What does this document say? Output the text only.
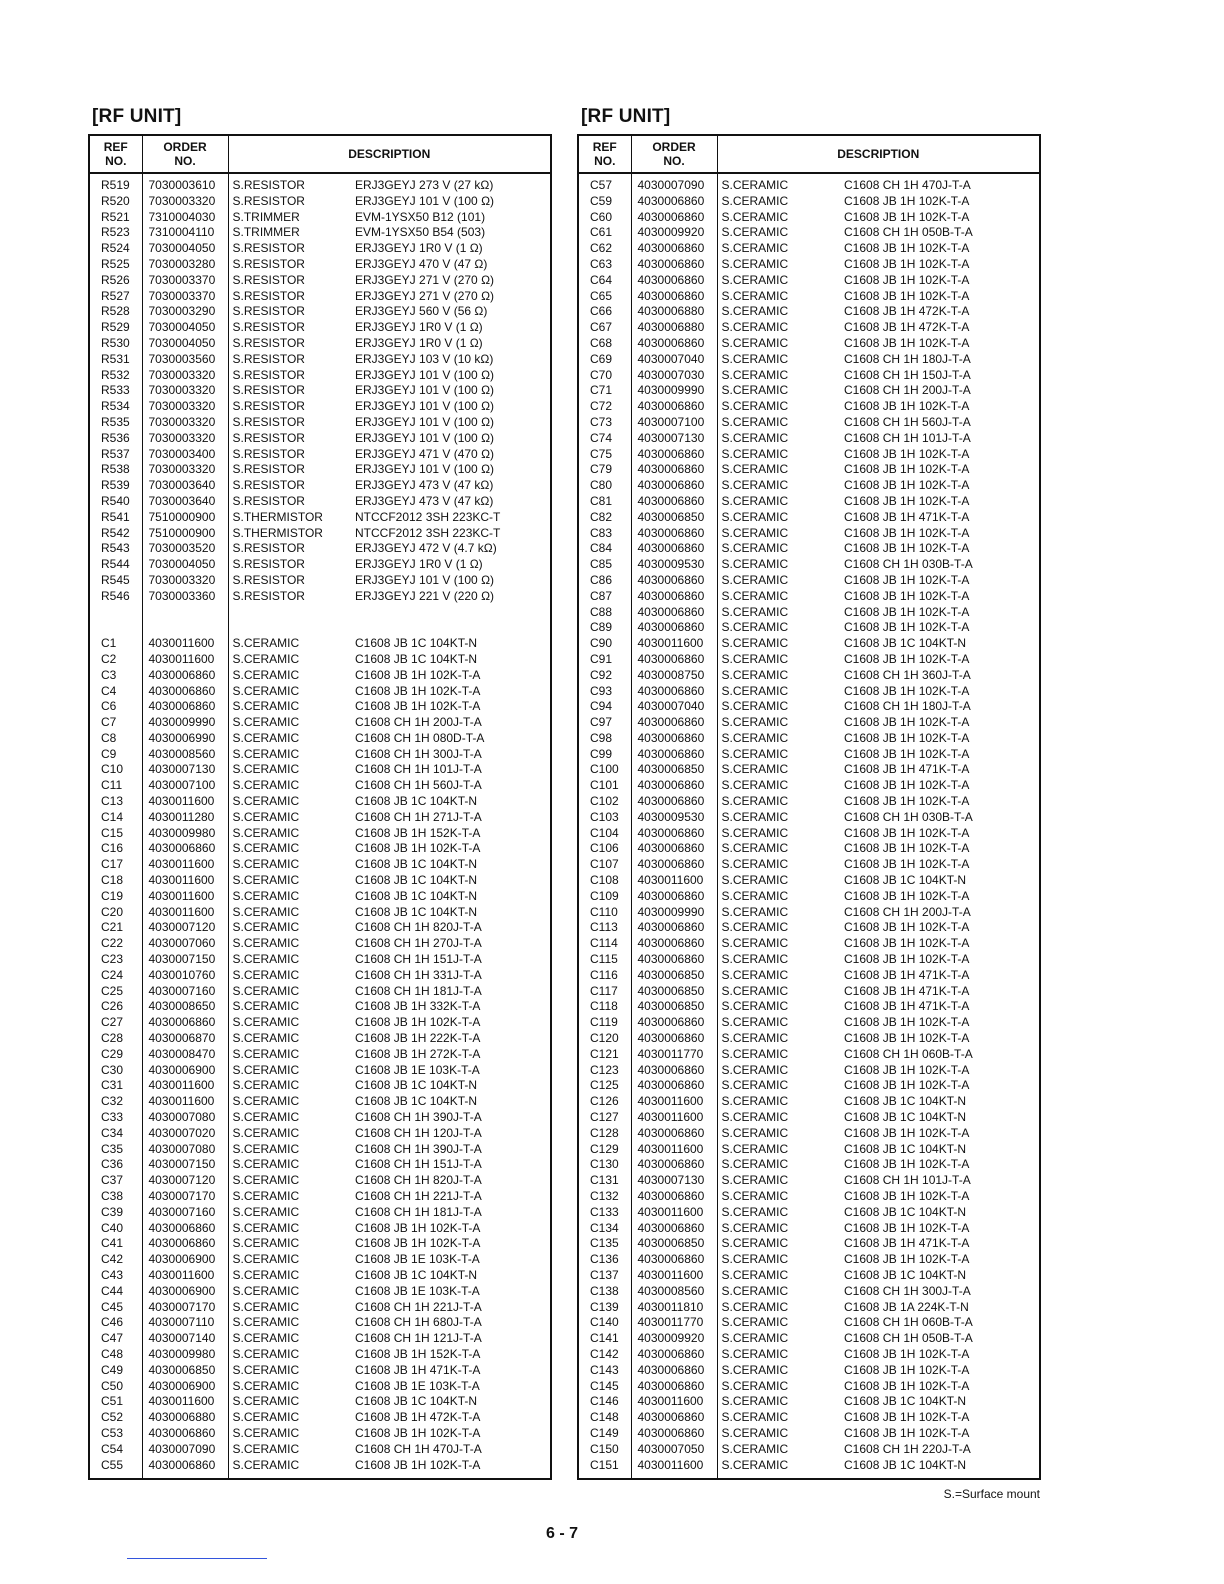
[RF UNIT]
REF
NO.	ORDER
NO.	DESCRIPTION	
R519	7030003610	S.RESISTOR	ERJ3GEYJ 273 V (27 kΩ)
R520	7030003320	S.RESISTOR	ERJ3GEYJ 101 V (100 Ω)
R521	7310004030	S.TRIMMER	EVM-1YSX50 B12 (101)
R523	7310004110	S.TRIMMER	EVM-1YSX50 B54 (503)
R524	7030004050	S.RESISTOR	ERJ3GEYJ 1R0 V (1 Ω)
R525	7030003280	S.RESISTOR	ERJ3GEYJ 470 V (47 Ω)
R526	7030003370	S.RESISTOR	ERJ3GEYJ 271 V (270 Ω)
R527	7030003370	S.RESISTOR	ERJ3GEYJ 271 V (270 Ω)
R528	7030003290	S.RESISTOR	ERJ3GEYJ 560 V (56 Ω)
R529	7030004050	S.RESISTOR	ERJ3GEYJ 1R0 V (1 Ω)
R530	7030004050	S.RESISTOR	ERJ3GEYJ 1R0 V (1 Ω)
R531	7030003560	S.RESISTOR	ERJ3GEYJ 103 V (10 kΩ)
R532	7030003320	S.RESISTOR	ERJ3GEYJ 101 V (100 Ω)
R533	7030003320	S.RESISTOR	ERJ3GEYJ 101 V (100 Ω)
R534	7030003320	S.RESISTOR	ERJ3GEYJ 101 V (100 Ω)
R535	7030003320	S.RESISTOR	ERJ3GEYJ 101 V (100 Ω)
R536	7030003320	S.RESISTOR	ERJ3GEYJ 101 V (100 Ω)
R537	7030003400	S.RESISTOR	ERJ3GEYJ 471 V (470 Ω)
R538	7030003320	S.RESISTOR	ERJ3GEYJ 101 V (100 Ω)
R539	7030003640	S.RESISTOR	ERJ3GEYJ 473 V (47 kΩ)
R540	7030003640	S.RESISTOR	ERJ3GEYJ 473 V (47 kΩ)
R541	7510000900	S.THERMISTOR	NTCCF2012 3SH 223KC-T
R542	7510000900	S.THERMISTOR	NTCCF2012 3SH 223KC-T
R543	7030003520	S.RESISTOR	ERJ3GEYJ 472 V (4.7 kΩ)
R544	7030004050	S.RESISTOR	ERJ3GEYJ 1R0 V (1 Ω)
R545	7030003320	S.RESISTOR	ERJ3GEYJ 101 V (100 Ω)
R546	7030003360	S.RESISTOR	ERJ3GEYJ 221 V (220 Ω)

C1	4030011600	S.CERAMIC	C1608 JB 1C 104KT-N
C2	4030011600	S.CERAMIC	C1608 JB 1C 104KT-N
C3	4030006860	S.CERAMIC	C1608 JB 1H 102K-T-A
C4	4030006860	S.CERAMIC	C1608 JB 1H 102K-T-A
C6	4030006860	S.CERAMIC	C1608 JB 1H 102K-T-A
C7	4030009990	S.CERAMIC	C1608 CH 1H 200J-T-A
C8	4030006990	S.CERAMIC	C1608 CH 1H 080D-T-A
C9	4030008560	S.CERAMIC	C1608 CH 1H 300J-T-A
C10	4030007130	S.CERAMIC	C1608 CH 1H 101J-T-A
C11	4030007100	S.CERAMIC	C1608 CH 1H 560J-T-A
C13	4030011600	S.CERAMIC	C1608 JB 1C 104KT-N
C14	4030011280	S.CERAMIC	C1608 CH 1H 271J-T-A
C15	4030009980	S.CERAMIC	C1608 JB 1H 152K-T-A
C16	4030006860	S.CERAMIC	C1608 JB 1H 102K-T-A
C17	4030011600	S.CERAMIC	C1608 JB 1C 104KT-N
C18	4030011600	S.CERAMIC	C1608 JB 1C 104KT-N
C19	4030011600	S.CERAMIC	C1608 JB 1C 104KT-N
C20	4030011600	S.CERAMIC	C1608 JB 1C 104KT-N
C21	4030007120	S.CERAMIC	C1608 CH 1H 820J-T-A
C22	4030007060	S.CERAMIC	C1608 CH 1H 270J-T-A
C23	4030007150	S.CERAMIC	C1608 CH 1H 151J-T-A
C24	4030010760	S.CERAMIC	C1608 CH 1H 331J-T-A
C25	4030007160	S.CERAMIC	C1608 CH 1H 181J-T-A
C26	4030008650	S.CERAMIC	C1608 JB 1H 332K-T-A
C27	4030006860	S.CERAMIC	C1608 JB 1H 102K-T-A
C28	4030006870	S.CERAMIC	C1608 JB 1H 222K-T-A
C29	4030008470	S.CERAMIC	C1608 JB 1H 272K-T-A
C30	4030006900	S.CERAMIC	C1608 JB 1E 103K-T-A
C31	4030011600	S.CERAMIC	C1608 JB 1C 104KT-N
C32	4030011600	S.CERAMIC	C1608 JB 1C 104KT-N
C33	4030007080	S.CERAMIC	C1608 CH 1H 390J-T-A
C34	4030007020	S.CERAMIC	C1608 CH 1H 120J-T-A
C35	4030007080	S.CERAMIC	C1608 CH 1H 390J-T-A
C36	4030007150	S.CERAMIC	C1608 CH 1H 151J-T-A
C37	4030007120	S.CERAMIC	C1608 CH 1H 820J-T-A
C38	4030007170	S.CERAMIC	C1608 CH 1H 221J-T-A
C39	4030007160	S.CERAMIC	C1608 CH 1H 181J-T-A
C40	4030006860	S.CERAMIC	C1608 JB 1H 102K-T-A
C41	4030006860	S.CERAMIC	C1608 JB 1H 102K-T-A
C42	4030006900	S.CERAMIC	C1608 JB 1E 103K-T-A
C43	4030011600	S.CERAMIC	C1608 JB 1C 104KT-N
C44	4030006900	S.CERAMIC	C1608 JB 1E 103K-T-A
C45	4030007170	S.CERAMIC	C1608 CH 1H 221J-T-A
C46	4030007110	S.CERAMIC	C1608 CH 1H 680J-T-A
C47	4030007140	S.CERAMIC	C1608 CH 1H 121J-T-A
C48	4030009980	S.CERAMIC	C1608 JB 1H 152K-T-A
C49	4030006850	S.CERAMIC	C1608 JB 1H 471K-T-A
C50	4030006900	S.CERAMIC	C1608 JB 1E 103K-T-A
C51	4030011600	S.CERAMIC	C1608 JB 1C 104KT-N
C52	4030006880	S.CERAMIC	C1608 JB 1H 472K-T-A
C53	4030006860	S.CERAMIC	C1608 JB 1H 102K-T-A
C54	4030007090	S.CERAMIC	C1608 CH 1H 470J-T-A
C55	4030006860	S.CERAMIC	C1608 JB 1H 102K-T-A

[RF UNIT]
REF
NO.	ORDER
NO.	DESCRIPTION	
C57	4030007090	S.CERAMIC	C1608 CH 1H 470J-T-A
C59	4030006860	S.CERAMIC	C1608 JB 1H 102K-T-A
C60	4030006860	S.CERAMIC	C1608 JB 1H 102K-T-A
C61	4030009920	S.CERAMIC	C1608 CH 1H 050B-T-A
C62	4030006860	S.CERAMIC	C1608 JB 1H 102K-T-A
C63	4030006860	S.CERAMIC	C1608 JB 1H 102K-T-A
C64	4030006860	S.CERAMIC	C1608 JB 1H 102K-T-A
C65	4030006860	S.CERAMIC	C1608 JB 1H 102K-T-A
C66	4030006880	S.CERAMIC	C1608 JB 1H 472K-T-A
C67	4030006880	S.CERAMIC	C1608 JB 1H 472K-T-A
C68	4030006860	S.CERAMIC	C1608 JB 1H 102K-T-A
C69	4030007040	S.CERAMIC	C1608 CH 1H 180J-T-A
C70	4030007030	S.CERAMIC	C1608 CH 1H 150J-T-A
C71	4030009990	S.CERAMIC	C1608 CH 1H 200J-T-A
C72	4030006860	S.CERAMIC	C1608 JB 1H 102K-T-A
C73	4030007100	S.CERAMIC	C1608 CH 1H 560J-T-A
C74	4030007130	S.CERAMIC	C1608 CH 1H 101J-T-A
C75	4030006860	S.CERAMIC	C1608 JB 1H 102K-T-A
C79	4030006860	S.CERAMIC	C1608 JB 1H 102K-T-A
C80	4030006860	S.CERAMIC	C1608 JB 1H 102K-T-A
C81	4030006860	S.CERAMIC	C1608 JB 1H 102K-T-A
C82	4030006850	S.CERAMIC	C1608 JB 1H 471K-T-A
C83	4030006860	S.CERAMIC	C1608 JB 1H 102K-T-A
C84	4030006860	S.CERAMIC	C1608 JB 1H 102K-T-A
C85	4030009530	S.CERAMIC	C1608 CH 1H 030B-T-A
C86	4030006860	S.CERAMIC	C1608 JB 1H 102K-T-A
C87	4030006860	S.CERAMIC	C1608 JB 1H 102K-T-A
C88	4030006860	S.CERAMIC	C1608 JB 1H 102K-T-A
C89	4030006860	S.CERAMIC	C1608 JB 1H 102K-T-A
C90	4030011600	S.CERAMIC	C1608 JB 1C 104KT-N
C91	4030006860	S.CERAMIC	C1608 JB 1H 102K-T-A
C92	4030008750	S.CERAMIC	C1608 CH 1H 360J-T-A
C93	4030006860	S.CERAMIC	C1608 JB 1H 102K-T-A
C94	4030007040	S.CERAMIC	C1608 CH 1H 180J-T-A
C97	4030006860	S.CERAMIC	C1608 JB 1H 102K-T-A
C98	4030006860	S.CERAMIC	C1608 JB 1H 102K-T-A
C99	4030006860	S.CERAMIC	C1608 JB 1H 102K-T-A
C100	4030006850	S.CERAMIC	C1608 JB 1H 471K-T-A
C101	4030006860	S.CERAMIC	C1608 JB 1H 102K-T-A
C102	4030006860	S.CERAMIC	C1608 JB 1H 102K-T-A
C103	4030009530	S.CERAMIC	C1608 CH 1H 030B-T-A
C104	4030006860	S.CERAMIC	C1608 JB 1H 102K-T-A
C106	4030006860	S.CERAMIC	C1608 JB 1H 102K-T-A
C107	4030006860	S.CERAMIC	C1608 JB 1H 102K-T-A
C108	4030011600	S.CERAMIC	C1608 JB 1C 104KT-N
C109	4030006860	S.CERAMIC	C1608 JB 1H 102K-T-A
C110	4030009990	S.CERAMIC	C1608 CH 1H 200J-T-A
C113	4030006860	S.CERAMIC	C1608 JB 1H 102K-T-A
C114	4030006860	S.CERAMIC	C1608 JB 1H 102K-T-A
C115	4030006860	S.CERAMIC	C1608 JB 1H 102K-T-A
C116	4030006850	S.CERAMIC	C1608 JB 1H 471K-T-A
C117	4030006850	S.CERAMIC	C1608 JB 1H 471K-T-A
C118	4030006850	S.CERAMIC	C1608 JB 1H 471K-T-A
C119	4030006860	S.CERAMIC	C1608 JB 1H 102K-T-A
C120	4030006860	S.CERAMIC	C1608 JB 1H 102K-T-A
C121	4030011770	S.CERAMIC	C1608 CH 1H 060B-T-A
C123	4030006860	S.CERAMIC	C1608 JB 1H 102K-T-A
C125	4030006860	S.CERAMIC	C1608 JB 1H 102K-T-A
C126	4030011600	S.CERAMIC	C1608 JB 1C 104KT-N
C127	4030011600	S.CERAMIC	C1608 JB 1C 104KT-N
C128	4030006860	S.CERAMIC	C1608 JB 1H 102K-T-A
C129	4030011600	S.CERAMIC	C1608 JB 1C 104KT-N
C130	4030006860	S.CERAMIC	C1608 JB 1H 102K-T-A
C131	4030007130	S.CERAMIC	C1608 CH 1H 101J-T-A
C132	4030006860	S.CERAMIC	C1608 JB 1H 102K-T-A
C133	4030011600	S.CERAMIC	C1608 JB 1C 104KT-N
C134	4030006860	S.CERAMIC	C1608 JB 1H 102K-T-A
C135	4030006850	S.CERAMIC	C1608 JB 1H 471K-T-A
C136	4030006860	S.CERAMIC	C1608 JB 1H 102K-T-A
C137	4030011600	S.CERAMIC	C1608 JB 1C 104KT-N
C138	4030008560	S.CERAMIC	C1608 CH 1H 300J-T-A
C139	4030011810	S.CERAMIC	C1608 JB 1A 224K-T-N
C140	4030011770	S.CERAMIC	C1608 CH 1H 060B-T-A
C141	4030009920	S.CERAMIC	C1608 CH 1H 050B-T-A
C142	4030006860	S.CERAMIC	C1608 JB 1H 102K-T-A
C143	4030006860	S.CERAMIC	C1608 JB 1H 102K-T-A
C145	4030006860	S.CERAMIC	C1608 JB 1H 102K-T-A
C146	4030011600	S.CERAMIC	C1608 JB 1C 104KT-N
C148	4030006860	S.CERAMIC	C1608 JB 1H 102K-T-A
C149	4030006860	S.CERAMIC	C1608 JB 1H 102K-T-A
C150	4030007050	S.CERAMIC	C1608 CH 1H 220J-T-A
C151	4030011600	S.CERAMIC	C1608 JB 1C 104KT-N

S.=Surface mount
6 - 7
